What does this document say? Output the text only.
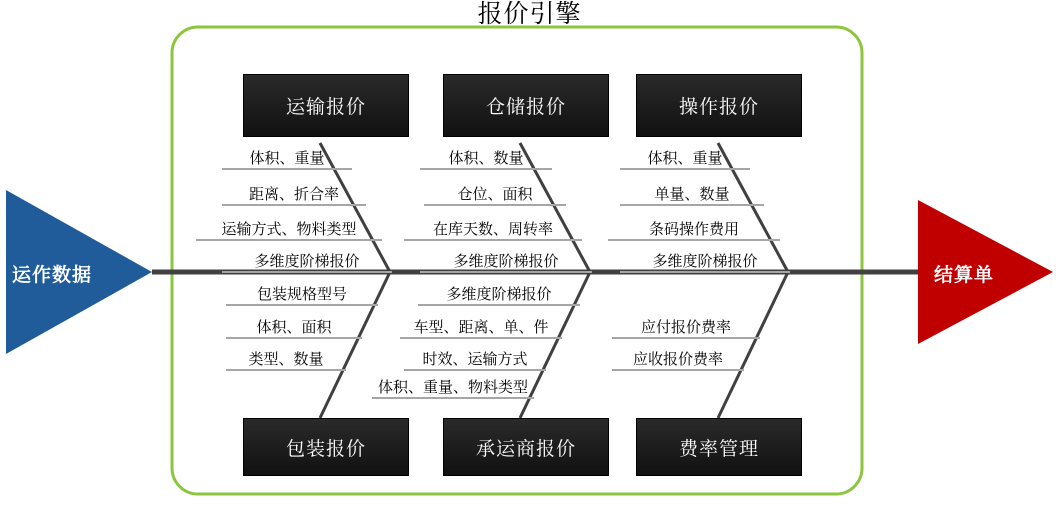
报价引擎
运作数据	结算单
运输报价	仓储报价	操作报价
包装报价	承运商报价	费率管理
体积、重量
距离、折合率
运输方式、物料类型
多维度阶梯报价
体积、数量
仓位、面积
在库天数、周转率
多维度阶梯报价
体积、重量
单量、数量
条码操作费用
多维度阶梯报价
包装规格型号
体积、面积
类型、数量
多维度阶梯报价
车型、距离、单、件
时效、运输方式
体积、重量、物料类型
应付报价费率
应收报价费率
